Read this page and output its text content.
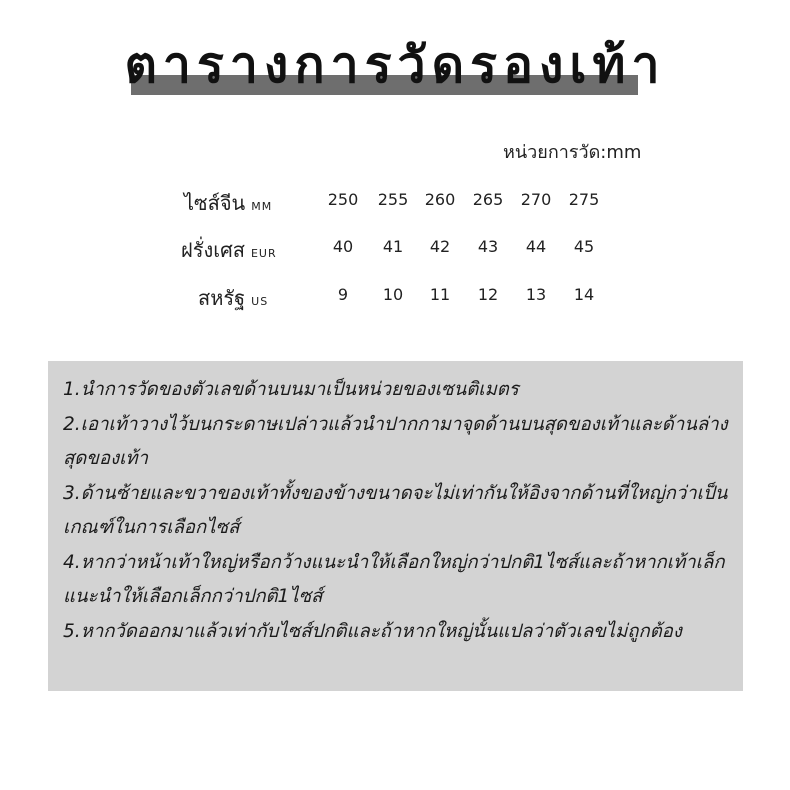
ตารางการวัดรองเท้า
หน่วยการวัด:mm
ไซส์จีน MM	250	255	260	265	270	275
ฝรั่งเศส EUR	40	41	42	43	44	45
สหรัฐ US	9	10	11	12	13	14

1.นำการวัดของตัวเลขด้านบนมาเป็นหน่วยของเซนติเมตร

2.เอาเท้าวางไว้บนกระดาษเปล่าวแล้วนำปากกามาจุดด้านบนสุดของเท้าและด้านล่างสุดของเท้า

3.ด้านซ้ายและขวาของเท้าทั้งของข้างขนาดจะไม่เท่ากันให้อิงจากด้านที่ใหญ่กว่าเป็นเกณฑ์ในการเลือกไซส์

4.หากว่าหน้าเท้าใหญ่หรือกว้างแนะนำให้เลือกใหญ่กว่าปกติ1ไซส์และถ้าหากเท้าเล็กแนะนำให้เลือกเล็กกว่าปกติ1ไซส์

5.หากวัดออกมาแล้วเท่ากับไซส์ปกติและถ้าหากใหญ่นั้นแปลว่าตัวเลขไม่ถูกต้อง
